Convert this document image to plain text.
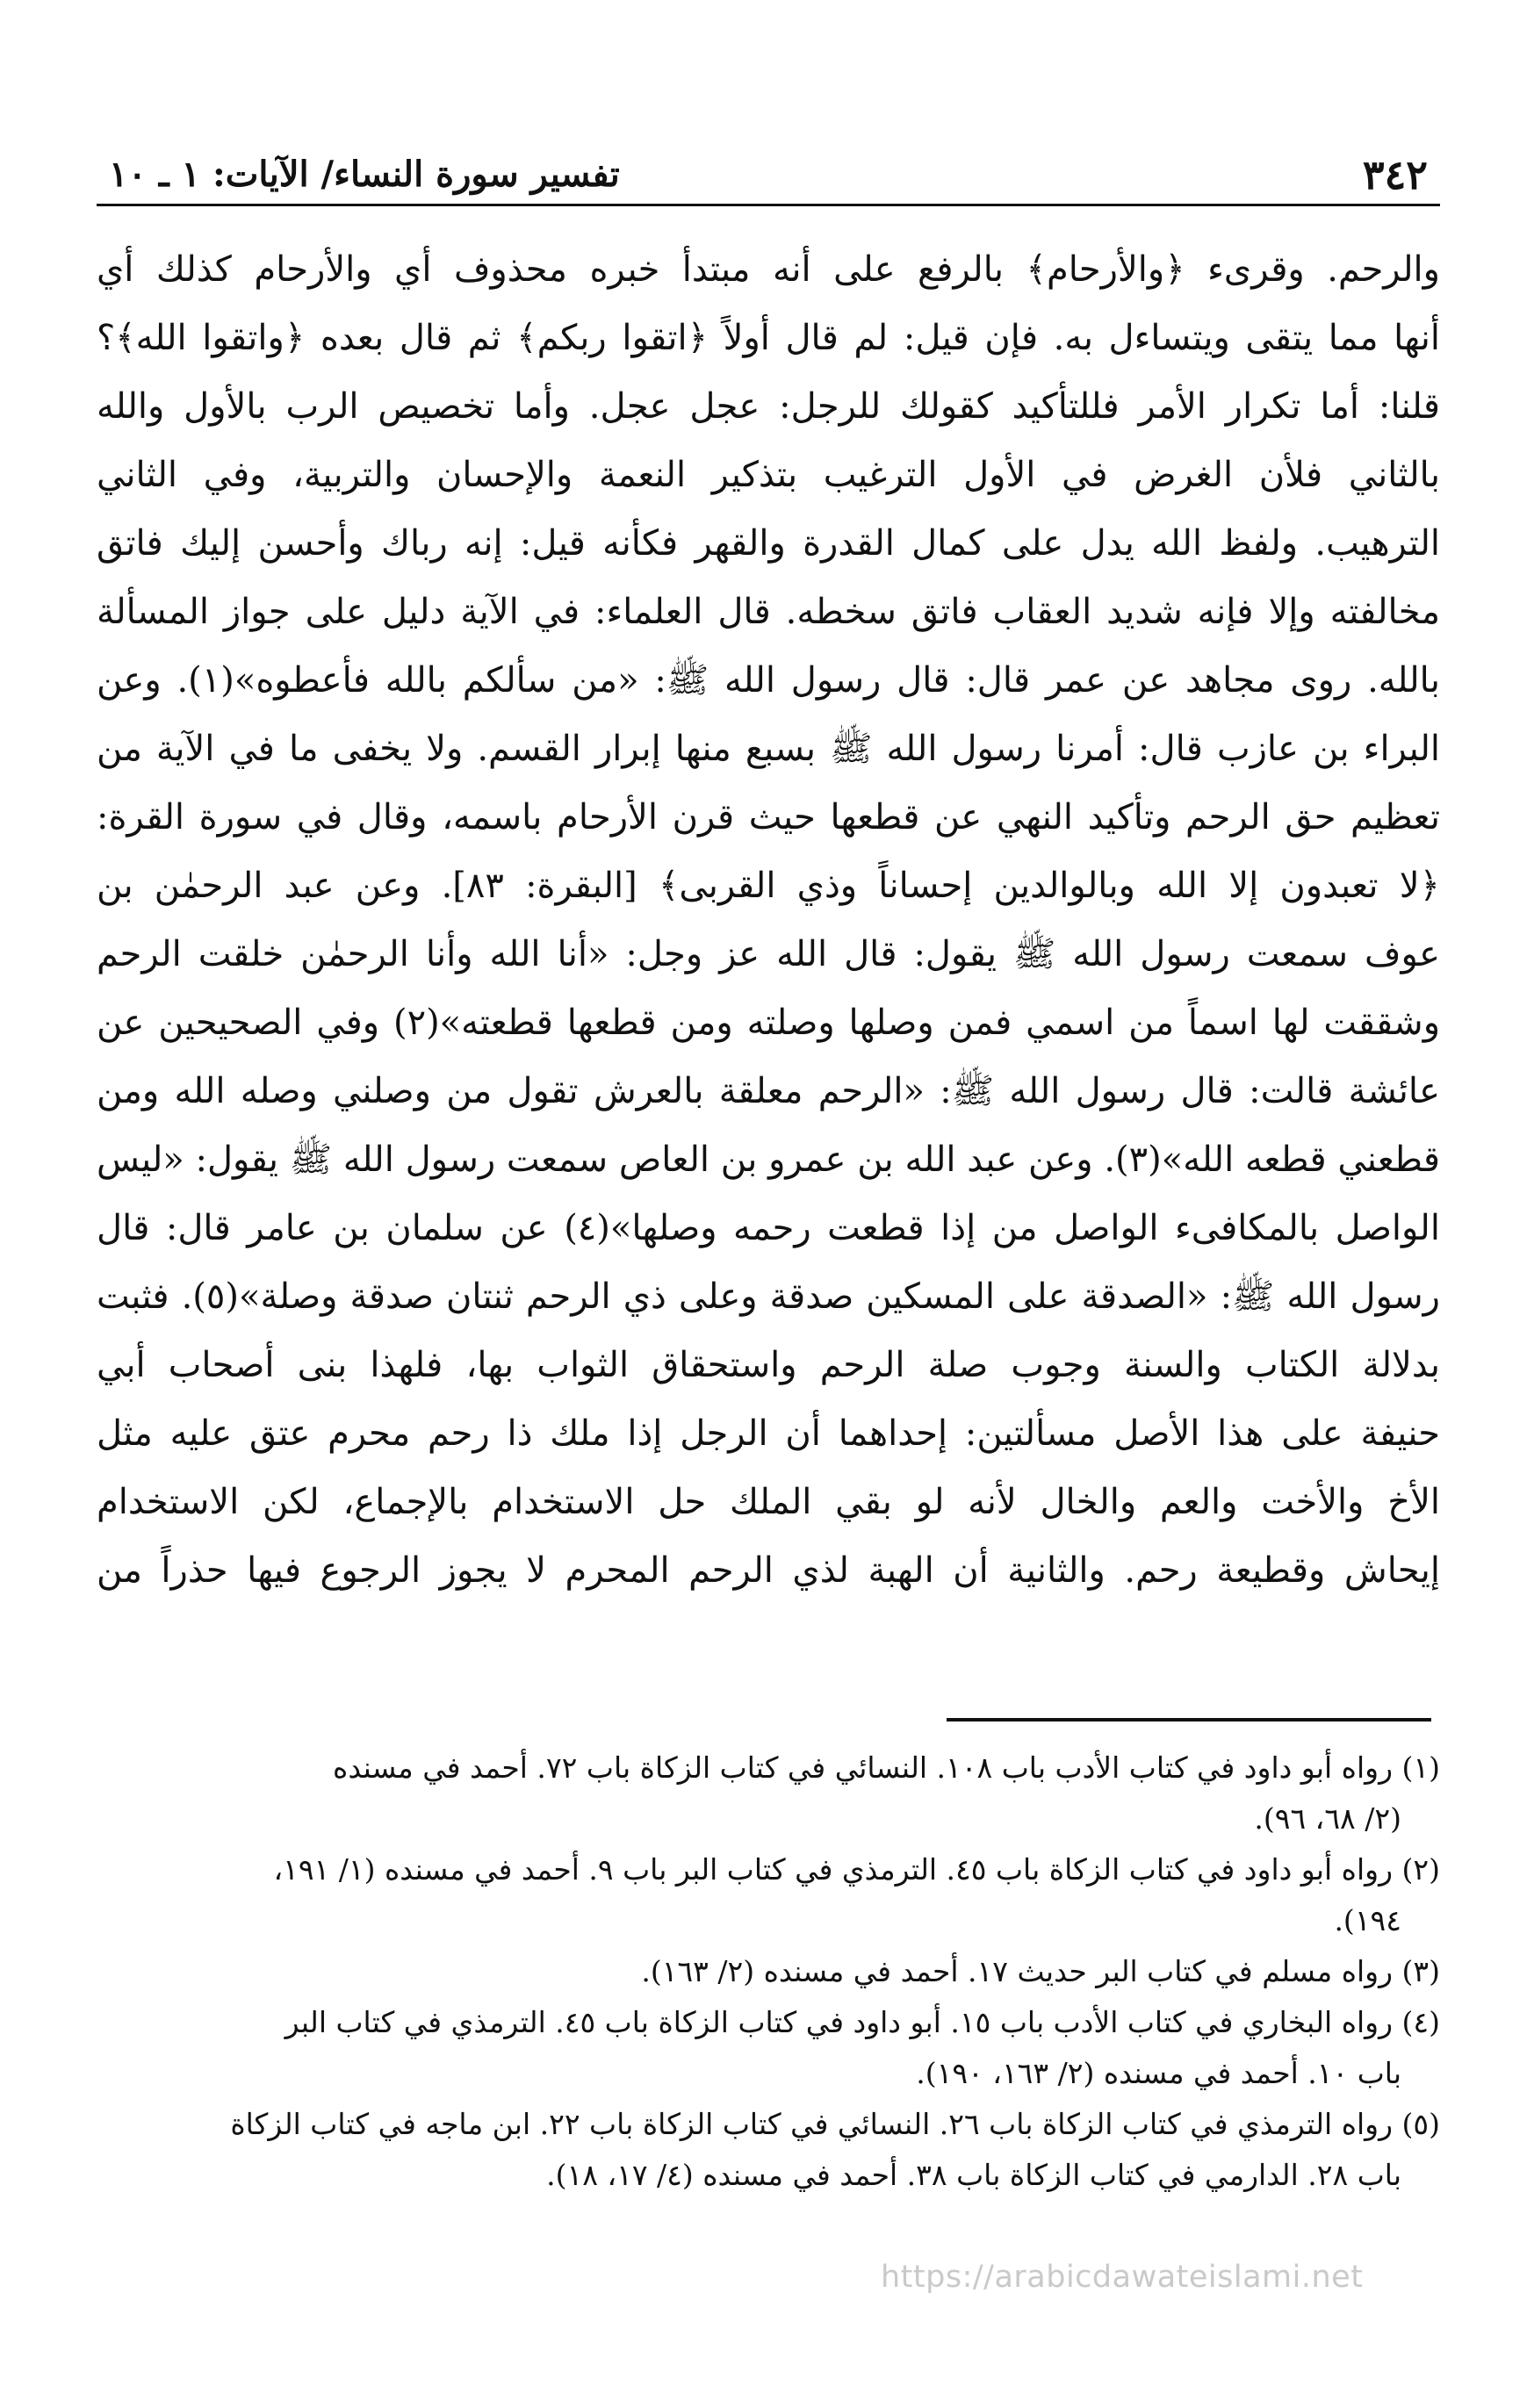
٣٤٢
تفسير سورة النساء/ الآيات: ١ ـ ١٠
والرحم. وقرىء ﴿والأرحام﴾ بالرفع على أنه مبتدأ خبره محذوف أي والأرحام كذلك أي
أنها مما يتقى ويتساءل به. فإن قيل: لم قال أولاً ﴿اتقوا ربكم﴾ ثم قال بعده ﴿واتقوا الله﴾؟
قلنا: أما تكرار الأمر فللتأكيد كقولك للرجل: عجل عجل. وأما تخصيص الرب بالأول والله
بالثاني فلأن الغرض في الأول الترغيب بتذكير النعمة والإحسان والتربية، وفي الثاني
الترهيب. ولفظ الله يدل على كمال القدرة والقهر فكأنه قيل: إنه رباك وأحسن إليك فاتق
مخالفته وإلا فإنه شديد العقاب فاتق سخطه. قال العلماء: في الآية دليل على جواز المسألة
بالله. روى مجاهد عن عمر قال: قال رسول الله ﷺ: «من سألكم بالله فأعطوه»(١). وعن
البراء بن عازب قال: أمرنا رسول الله ﷺ بسبع منها إبرار القسم. ولا يخفى ما في الآية من
تعظيم حق الرحم وتأكيد النهي عن قطعها حيث قرن الأرحام باسمه، وقال في سورة القرة:
﴿لا تعبدون إلا الله وبالوالدين إحساناً وذي القربى﴾ [البقرة: ٨٣]. وعن عبد الرحمٰن بن
عوف سمعت رسول الله ﷺ يقول: قال الله عز وجل: «أنا الله وأنا الرحمٰن خلقت الرحم
وشققت لها اسماً من اسمي فمن وصلها وصلته ومن قطعها قطعته»(٢) وفي الصحيحين عن
عائشة قالت: قال رسول الله ﷺ: «الرحم معلقة بالعرش تقول من وصلني وصله الله ومن
قطعني قطعه الله»(٣). وعن عبد الله بن عمرو بن العاص سمعت رسول الله ﷺ يقول: «ليس
الواصل بالمكافىء الواصل من إذا قطعت رحمه وصلها»(٤) عن سلمان بن عامر قال: قال
رسول الله ﷺ: «الصدقة على المسكين صدقة وعلى ذي الرحم ثنتان صدقة وصلة»(٥). فثبت
بدلالة الكتاب والسنة وجوب صلة الرحم واستحقاق الثواب بها، فلهذا بنى أصحاب أبي
حنيفة على هذا الأصل مسألتين: إحداهما أن الرجل إذا ملك ذا رحم محرم عتق عليه مثل
الأخ والأخت والعم والخال لأنه لو بقي الملك حل الاستخدام بالإجماع، لكن الاستخدام
إيحاش وقطيعة رحم. والثانية أن الهبة لذي الرحم المحرم لا يجوز الرجوع فيها حذراً من
(١) رواه أبو داود في كتاب الأدب باب ١٠٨. النسائي في كتاب الزكاة باب ٧٢. أحمد في مسنده
(٢/ ٦٨، ٩٦).
(٢) رواه أبو داود في كتاب الزكاة باب ٤٥. الترمذي في كتاب البر باب ٩. أحمد في مسنده (١/ ١٩١،
١٩٤).
(٣) رواه مسلم في كتاب البر حديث ١٧. أحمد في مسنده (٢/ ١٦٣).
(٤) رواه البخاري في كتاب الأدب باب ١٥. أبو داود في كتاب الزكاة باب ٤٥. الترمذي في كتاب البر
باب ١٠. أحمد في مسنده (٢/ ١٦٣، ١٩٠).
(٥) رواه الترمذي في كتاب الزكاة باب ٢٦. النسائي في كتاب الزكاة باب ٢٢. ابن ماجه في كتاب الزكاة
باب ٢٨. الدارمي في كتاب الزكاة باب ٣٨. أحمد في مسنده (٤/ ١٧، ١٨).
https://arabicdawateislami.net
